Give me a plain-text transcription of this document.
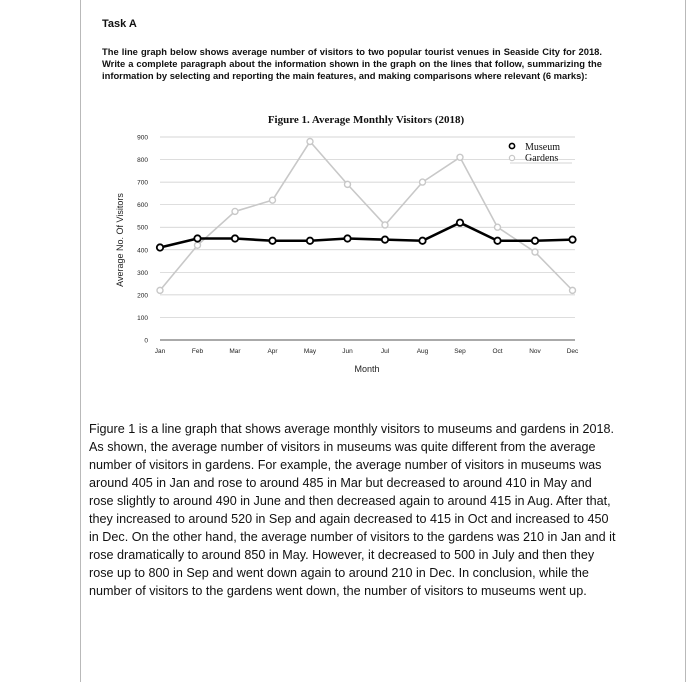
Task A

The line graph below shows average number of visitors to two popular tourist venues in Seaside City for 2018. Write a complete paragraph about the information shown in the graph on the lines that follow, summarizing the information by selecting and reporting the main features, and making comparisons where relevant (6 marks):

Figure 1. Average Monthly Visitors (2018)
0
100
200
300
400
500
600
700
800
900
Jan	Feb	Mar	Apr	May	Jun	Jul	Aug	Sep	Oct	Nov	Dec
Month
Average No. Of Visitors
Museum
Gardens

Figure 1 is a line graph that shows average monthly visitors to museums and gardens in 2018. As shown, the average number of visitors in museums was quite different from the average number of visitors in gardens. For example, the average number of visitors in museums was around 405 in Jan and rose to around 485 in Mar but decreased to around 410 in May and rose slightly to around 490 in June and then decreased again to around 415 in Aug. After that, they increased to around 520 in Sep and again decreased to 415 in Oct and increased to 450 in Dec. On the other hand, the average number of visitors to the gardens was 210 in Jan and it rose dramatically to around 850 in May. However, it decreased to 500 in July and then they rose up to 800 in Sep and went down again to around 210 in Dec. In conclusion, while the number of visitors to the gardens went down, the number of visitors to museums went up.
